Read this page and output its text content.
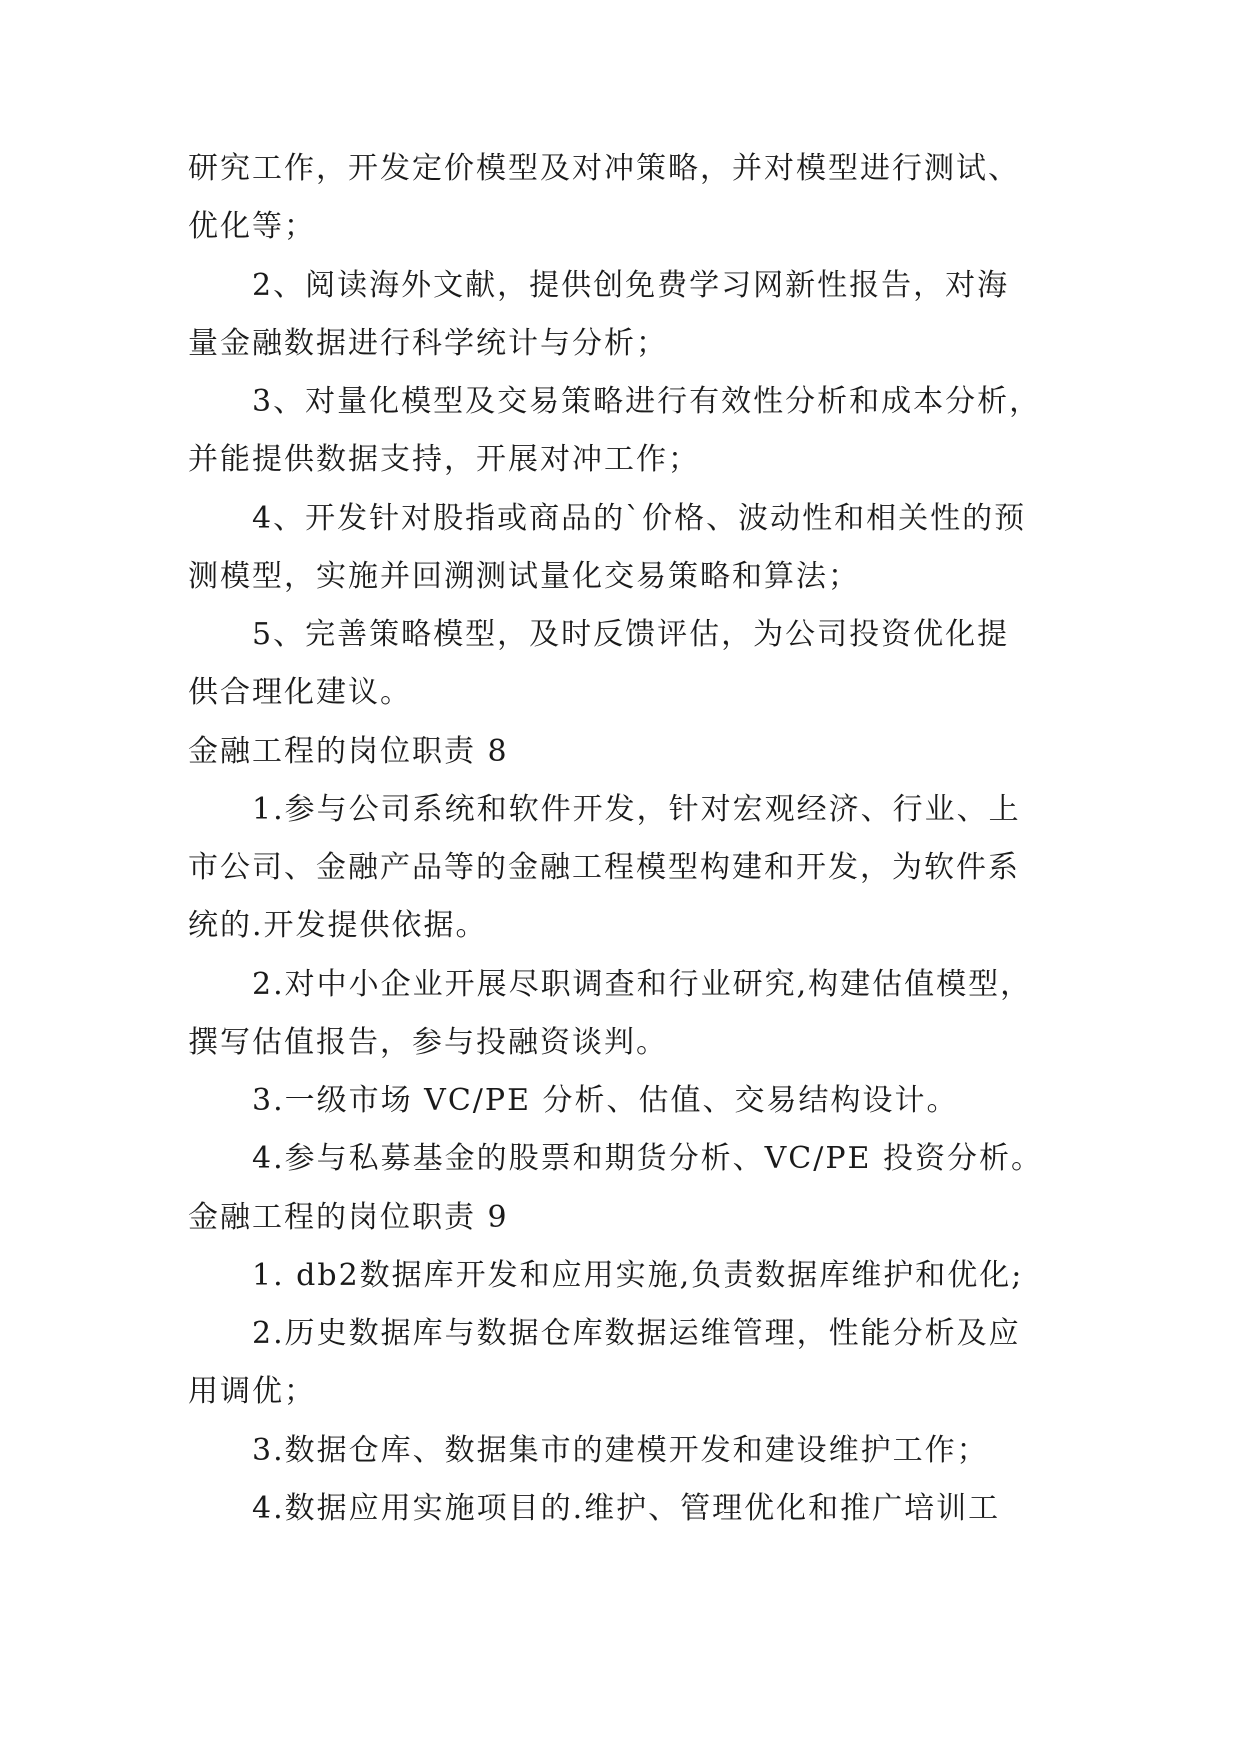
研究工作，开发定价模型及对冲策略，并对模型进行测试、
优化等；
2、阅读海外文献，提供创免费学习网新性报告，对海
量金融数据进行科学统计与分析；
3、对量化模型及交易策略进行有效性分析和成本分析，
并能提供数据支持，开展对冲工作；
4、开发针对股指或商品的`价格、波动性和相关性的预
测模型，实施并回溯测试量化交易策略和算法；
5、完善策略模型，及时反馈评估，为公司投资优化提
供合理化建议。
金融工程的岗位职责 8
1.参与公司系统和软件开发，针对宏观经济、行业、上
市公司、金融产品等的金融工程模型构建和开发，为软件系
统的.开发提供依据。
2.对中小企业开展尽职调查和行业研究,构建估值模型，
撰写估值报告，参与投融资谈判。
3.一级市场 VC/PE 分析、估值、交易结构设计。
4.参与私募基金的股票和期货分析、VC/PE 投资分析。
金融工程的岗位职责 9
1. db2数据库开发和应用实施,负责数据库维护和优化;
2.历史数据库与数据仓库数据运维管理，性能分析及应
用调优；
3.数据仓库、数据集市的建模开发和建设维护工作；
4.数据应用实施项目的.维护、管理优化和推广培训工
